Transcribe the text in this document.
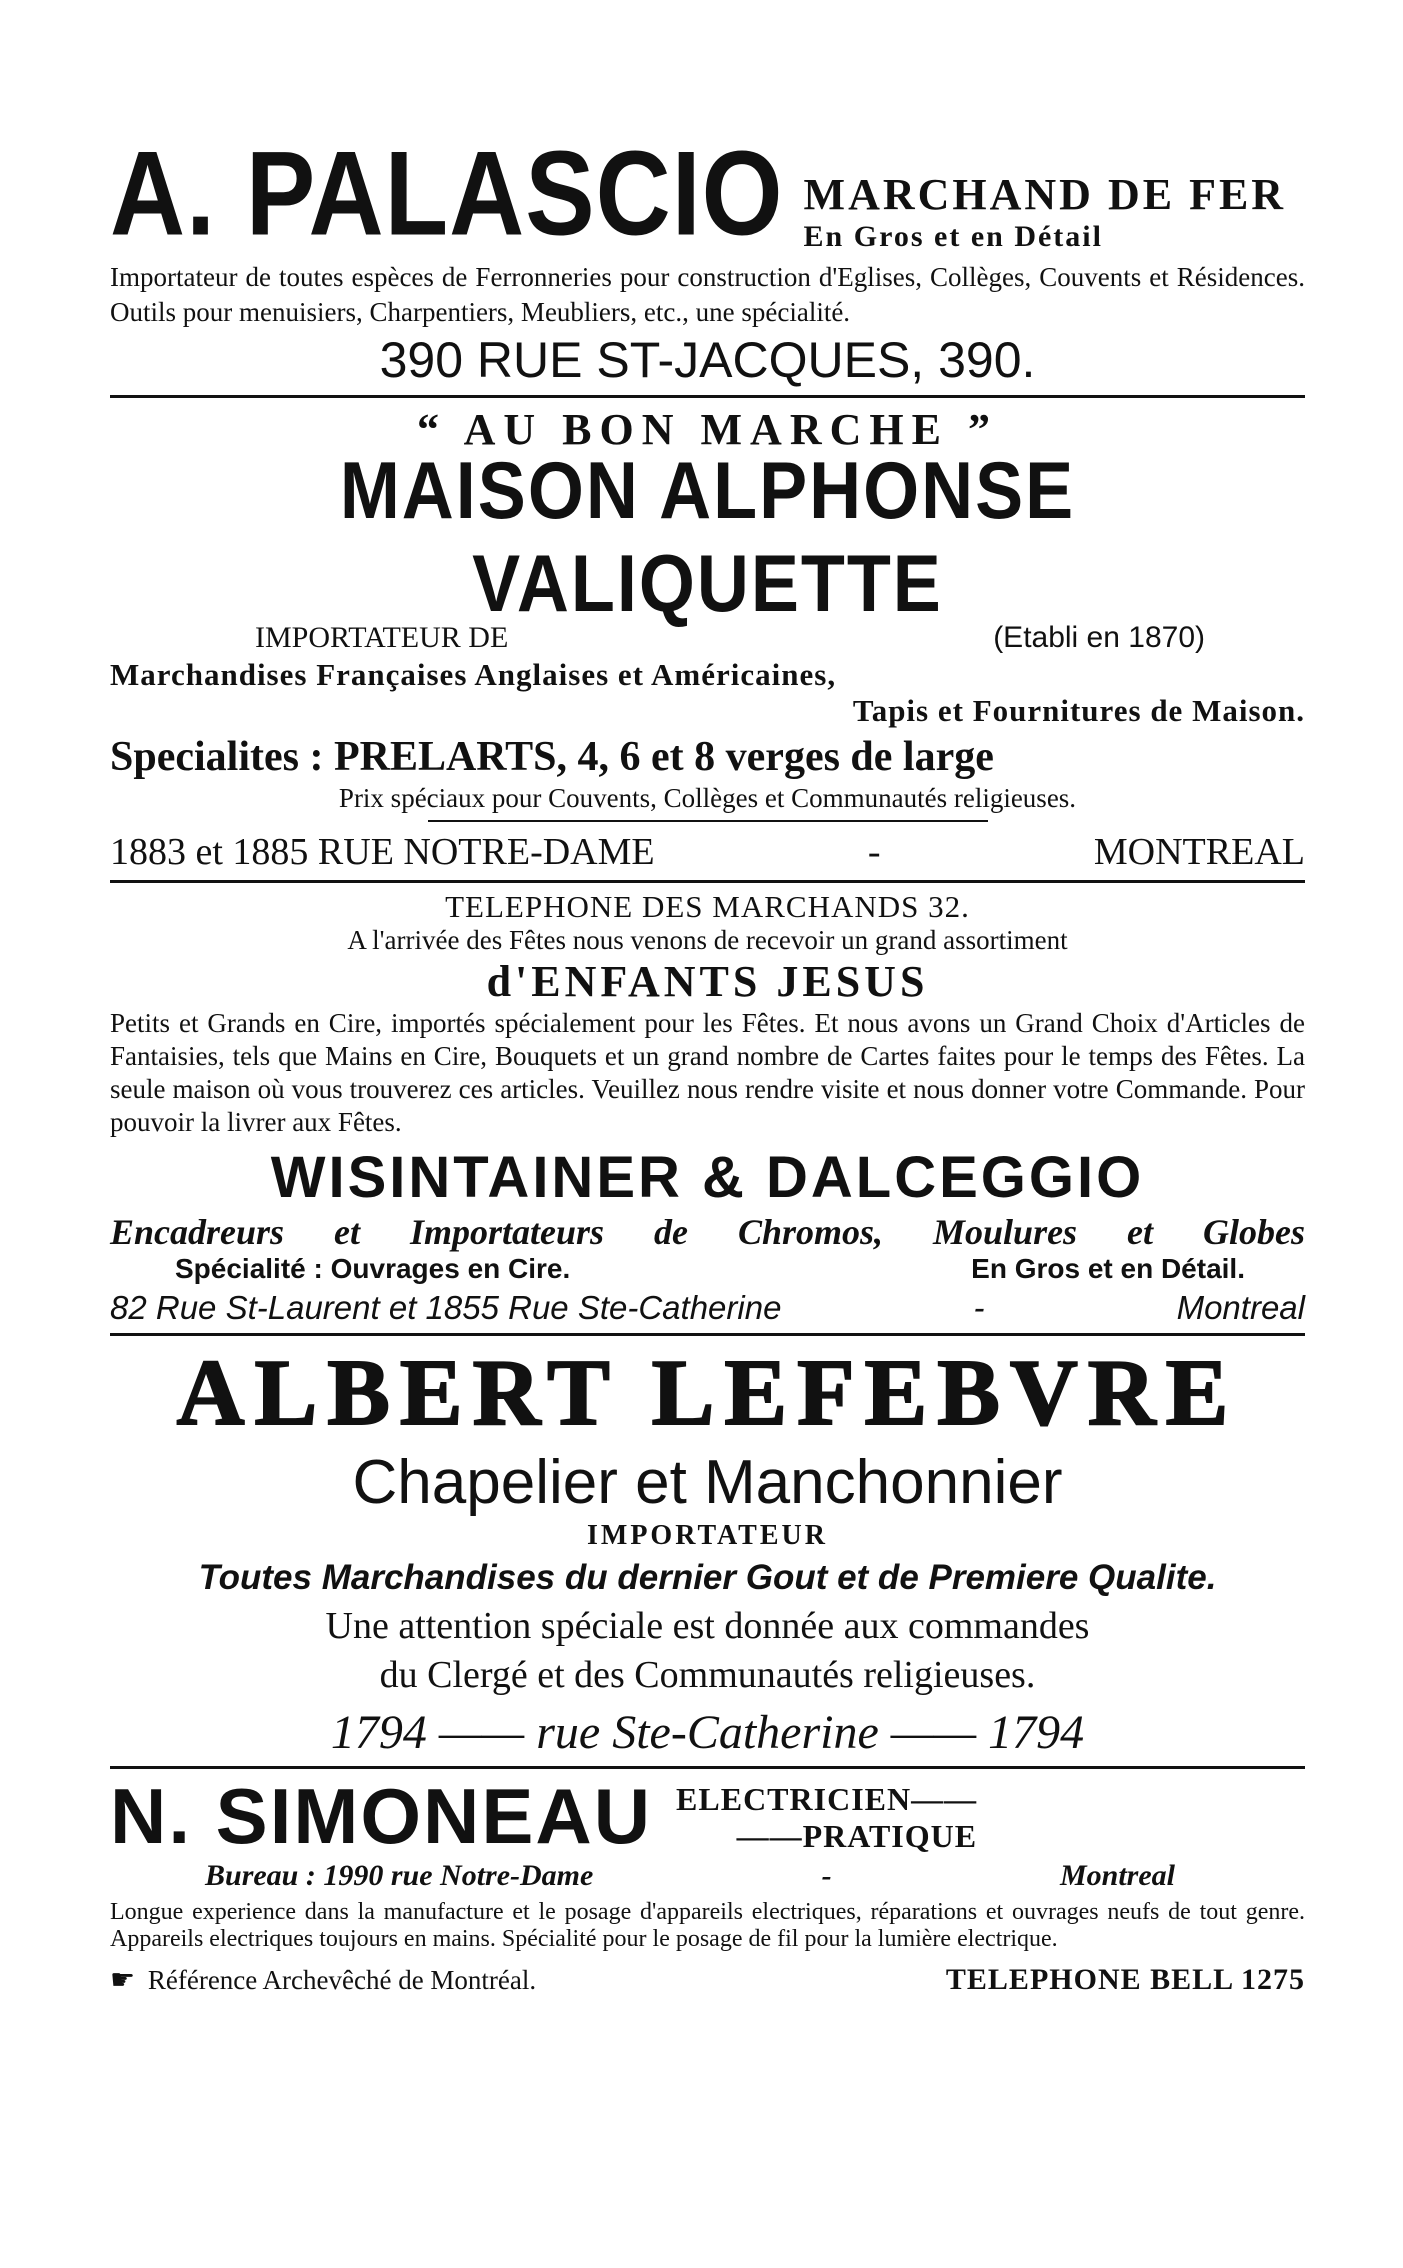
A. PALASCIO MARCHAND DE FER
En Gros et en Détail
Importateur de toutes espèces de Ferronneries pour construction d'Eglises, Collèges, Couvents et Résidences. Outils pour menuisiers, Charpentiers, Meubliers, etc., une spécialité.
390 RUE ST-JACQUES, 390.
“ AU BON MARCHE ”
MAISON ALPHONSE VALIQUETTE
IMPORTATEUR DE	(Etabli en 1870)
Marchandises Françaises Anglaises et Américaines,
Tapis et Fournitures de Maison.
Specialites : PRELARTS, 4, 6 et 8 verges de large
Prix spéciaux pour Couvents, Collèges et Communautés religieuses.
1883 et 1885 RUE NOTRE-DAME	-	MONTREAL
TELEPHONE DES MARCHANDS 32.
A l'arrivée des Fêtes nous venons de recevoir un grand assortiment
d'ENFANTS JESUS
Petits et Grands en Cire, importés spécialement pour les Fêtes. Et nous avons un Grand Choix d'Articles de Fantaisies, tels que Mains en Cire, Bouquets et un grand nombre de Cartes faites pour le temps des Fêtes. La seule maison où vous trouverez ces articles. Veuillez nous rendre visite et nous donner votre Commande. Pour pouvoir la livrer aux Fêtes.
WISINTAINER & DALCEGGIO
Encadreurs et Importateurs de Chromos, Moulures et Globes
Spécialité : Ouvrages en Cire.	En Gros et en Détail.
82 Rue St-Laurent et 1855 Rue Ste-Catherine	-	Montreal
ALBERT LEFEBVRE
Chapelier et Manchonnier
IMPORTATEUR
Toutes Marchandises du dernier Gout et de Premiere Qualite.
Une attention spéciale est donnée aux commandes
du Clergé et des Communautés religieuses.
1794 —— rue Ste-Catherine —— 1794
N. SIMONEAU ELECTRICIEN——
——PRATIQUE
Bureau : 1990 rue Notre-Dame	-	Montreal
Longue experience dans la manufacture et le posage d'appareils electriques, réparations et ouvrages neufs de tout genre. Appareils electriques toujours en mains. Spécialité pour le posage de fil pour la lumière electrique.
☛ Référence Archevêché de Montréal.	TELEPHONE BELL 1275
